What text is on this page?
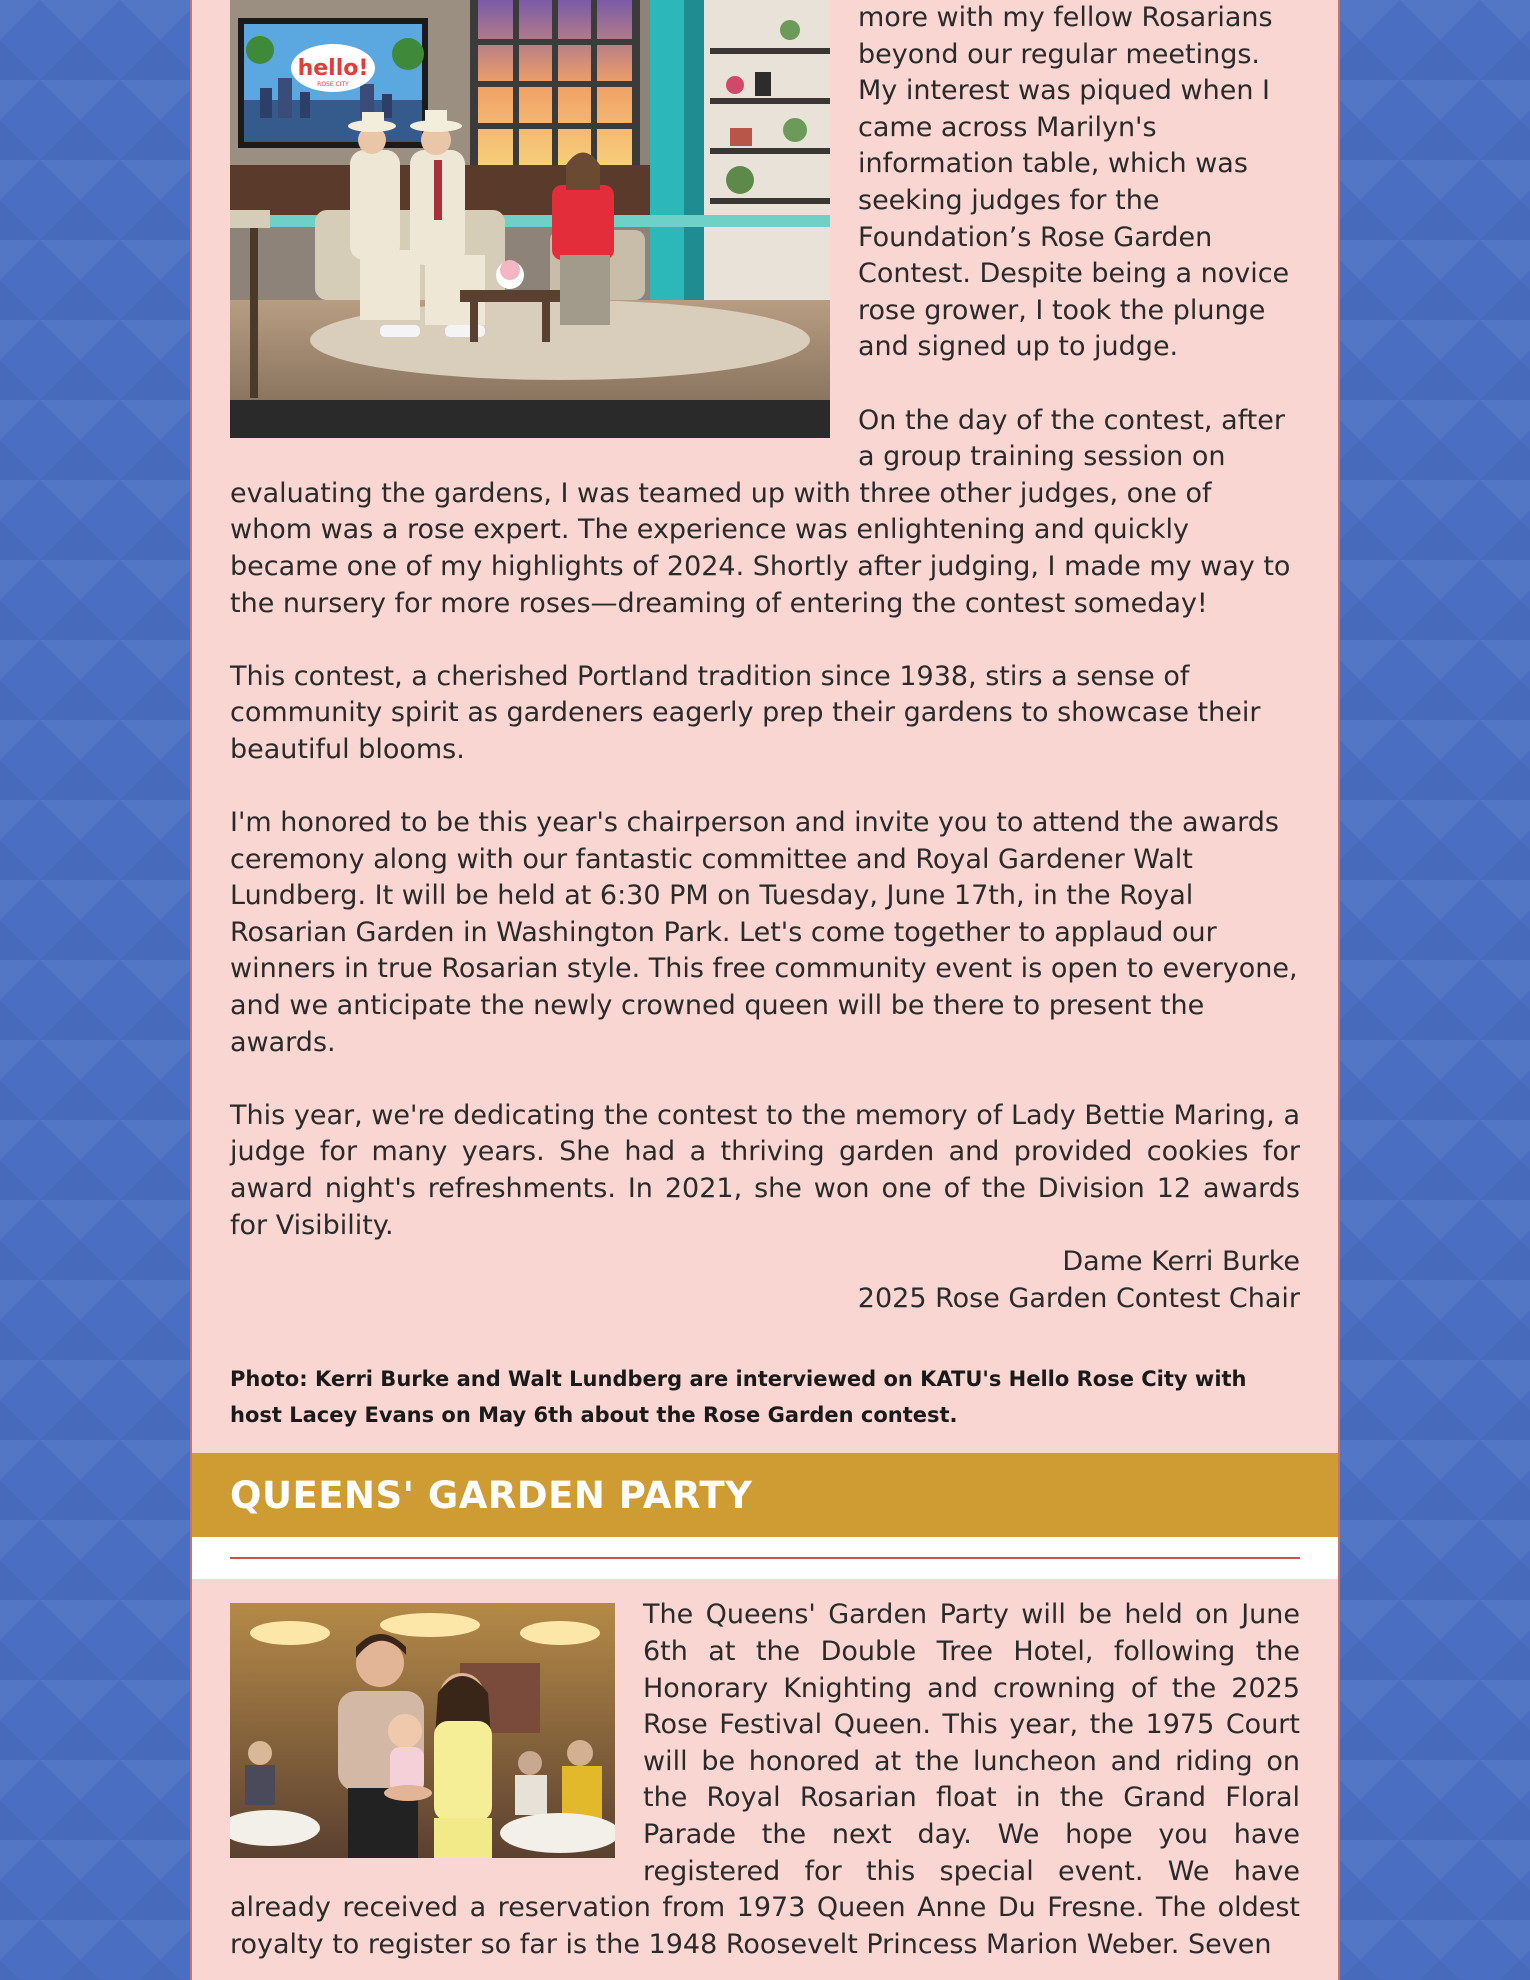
hello!
ROSE CITY

more with my fellow Rosarians beyond our regular meetings. My interest was piqued when I came across Marilyn's information table, which was seeking judges for the Foundation’s Rose Garden Contest. Despite being a novice rose grower, I took the plunge and signed up to judge.

On the day of the contest, after a group training session on evaluating the gardens, I was teamed up with three other judges, one of whom was a rose expert. The experience was enlightening and quickly became one of my highlights of 2024. Shortly after judging, I made my way to the nursery for more roses—dreaming of entering the contest someday!

This contest, a cherished Portland tradition since 1938, stirs a sense of community spirit as gardeners eagerly prep their gardens to showcase their beautiful blooms.

I'm honored to be this year's chairperson and invite you to attend the awards ceremony along with our fantastic committee and Royal Gardener Walt Lundberg. It will be held at 6:30 PM on Tuesday, June 17th, in the Royal Rosarian Garden in Washington Park. Let's come together to applaud our winners in true Rosarian style. This free community event is open to everyone, and we anticipate the newly crowned queen will be there to present the awards.

This year, we're dedicating the contest to the memory of Lady Bettie Maring, a judge for many years. She had a thriving garden and provided cookies for award night's refreshments. In 2021, she won one of the Division 12 awards for Visibility.

Dame Kerri Burke
2025 Rose Garden Contest Chair

Photo: Kerri Burke and Walt Lundberg are interviewed on KATU's Hello Rose City with host Lacey Evans on May 6th about the Rose Garden contest.

QUEENS' GARDEN PARTY

The Queens' Garden Party will be held on June 6th at the Double Tree Hotel, following the Honorary Knighting and crowning of the 2025 Rose Festival Queen. This year, the 1975 Court will be honored at the luncheon and riding on the Royal Rosarian float in the Grand Floral Parade the next day. We hope you have registered for this special event. We have already received a reservation from 1973 Queen Anne Du Fresne. The oldest royalty to register so far is the 1948 Roosevelt Princess Marion Weber. Seven
